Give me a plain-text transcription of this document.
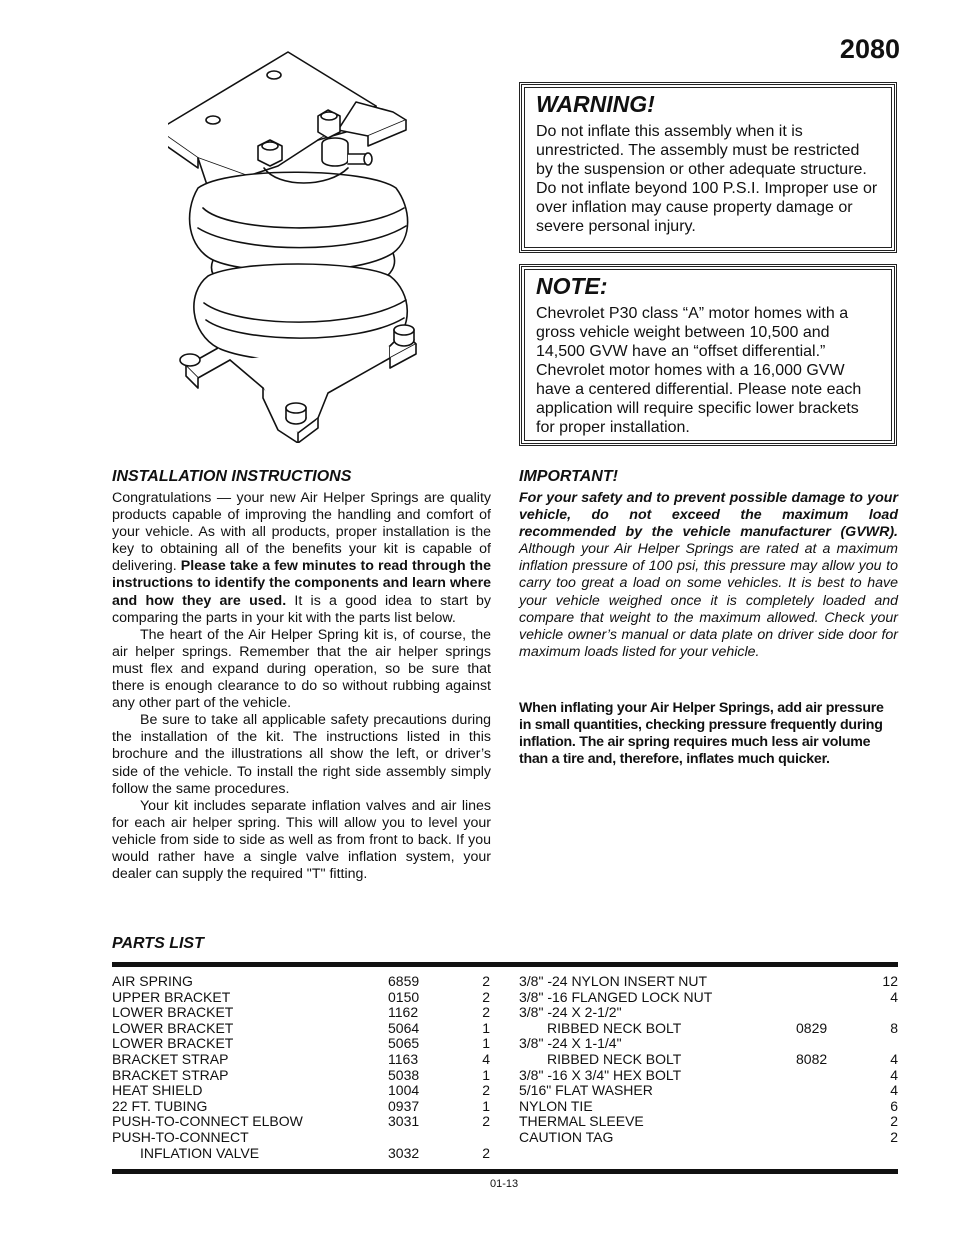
2080
WARNING!

Do not inflate this assembly when it is unrestricted. The assembly must be restricted by the suspension or other adequate structure. Do not inflate beyond 100 P.S.I. Improper use or over inflation may cause property damage or severe personal injury.

NOTE:

Chevrolet P30 class “A” motor homes with a gross vehicle weight between 10,500 and 14,500 GVW have an “offset differential.” Chevrolet motor homes with a 16,000 GVW have a centered differential. Please note each application will require specific lower brackets for proper installation.

INSTALLATION INSTRUCTIONS

Congratulations — your new Air Helper Springs are quality products capable of improving the handling and comfort of your vehicle. As with all products, proper installation is the key to obtaining all of the benefits your kit is capable of delivering. Please take a few minutes to read through the instructions to identify the components and learn where and how they are used. It is a good idea to start by comparing the parts in your kit with the parts list below.

The heart of the Air Helper Spring kit is, of course, the air helper springs. Remember that the air helper springs must flex and expand during operation, so be sure that there is enough clearance to do so without rubbing against any other part of the vehicle.

Be sure to take all applicable safety precautions during the installation of the kit. The instructions listed in this brochure and the illustrations all show the left, or driver’s side of the vehicle. To install the right side assembly simply follow the same procedures.

Your kit includes separate inflation valves and air lines for each air helper spring. This will allow you to level your vehicle from side to side as well as from front to back. If you would rather have a single valve inflation system, your dealer can supply the required "T" fitting.

IMPORTANT!

For your safety and to prevent possible damage to your vehicle, do not exceed the maximum load recommended by the vehicle manufacturer (GVWR). Although your Air Helper Springs are rated at a maximum inflation pressure of 100 psi, this pressure may allow you to carry too great a load on some vehicles. It is best to have your vehicle weighed once it is completely loaded and compare that weight to the maximum allowed. Check your vehicle owner’s manual or data plate on driver side door for maximum loads listed for your vehicle.

When inflating your Air Helper Springs, add air pressure in small quantities, checking pressure frequently during inflation. The air spring requires much less air volume than a tire and, therefore, inflates much quicker.

PARTS LIST
AIR SPRING	6859	2
UPPER BRACKET	0150	2
LOWER BRACKET	1162	2
LOWER BRACKET	5064	1
LOWER BRACKET	5065	1
BRACKET STRAP	1163	4
BRACKET STRAP	5038	1
HEAT SHIELD	1004	2
22 FT. TUBING	0937	1
PUSH-TO-CONNECT ELBOW	3031	2
PUSH-TO-CONNECT
INFLATION VALVE	3032	2
3/8" -24 NYLON INSERT NUT	12
3/8" -16 FLANGED LOCK NUT	4
3/8" -24 X 2-1/2"
RIBBED NECK BOLT	0829	8
3/8" -24 X 1-1/4"
RIBBED NECK BOLT	8082	4
3/8" -16 X 3/4" HEX BOLT	4
5/16" FLAT WASHER	4
NYLON TIE	6
THERMAL SLEEVE	2
CAUTION TAG	2
01-13
